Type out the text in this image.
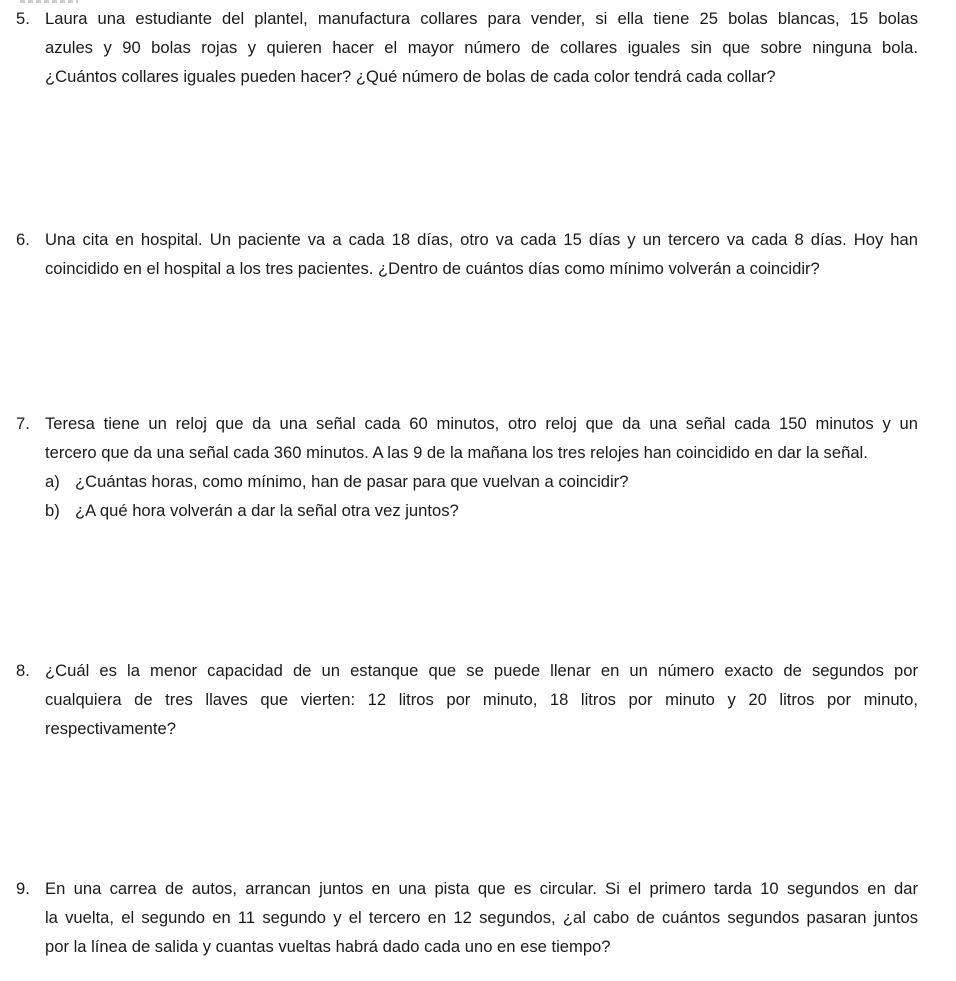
5. Laura una estudiante del plantel, manufactura collares para vender, si ella tiene 25 bolas blancas, 15 bolas
azules y 90 bolas rojas y quieren hacer el mayor número de collares iguales sin que sobre ninguna bola.
¿Cuántos collares iguales pueden hacer? ¿Qué número de bolas de cada color tendrá cada collar?
6. Una cita en hospital. Un paciente va a cada 18 días, otro va cada 15 días y un tercero va cada 8 días. Hoy han
coincidido en el hospital a los tres pacientes. ¿Dentro de cuántos días como mínimo volverán a coincidir?
7. Teresa tiene un reloj que da una señal cada 60 minutos, otro reloj que da una señal cada 150 minutos y un
tercero que da una señal cada 360 minutos. A las 9 de la mañana los tres relojes han coincidido en dar la señal.
a) ¿Cuántas horas, como mínimo, han de pasar para que vuelvan a coincidir?
b) ¿A qué hora volverán a dar la señal otra vez juntos?
8. ¿Cuál es la menor capacidad de un estanque que se puede llenar en un número exacto de segundos por
cualquiera de tres llaves que vierten: 12 litros por minuto, 18 litros por minuto y 20 litros por minuto,
respectivamente?
9. En una carrea de autos, arrancan juntos en una pista que es circular. Si el primero tarda 10 segundos en dar
la vuelta, el segundo en 11 segundo y el tercero en 12 segundos, ¿al cabo de cuántos segundos pasaran juntos
por la línea de salida y cuantas vueltas habrá dado cada uno en ese tiempo?
